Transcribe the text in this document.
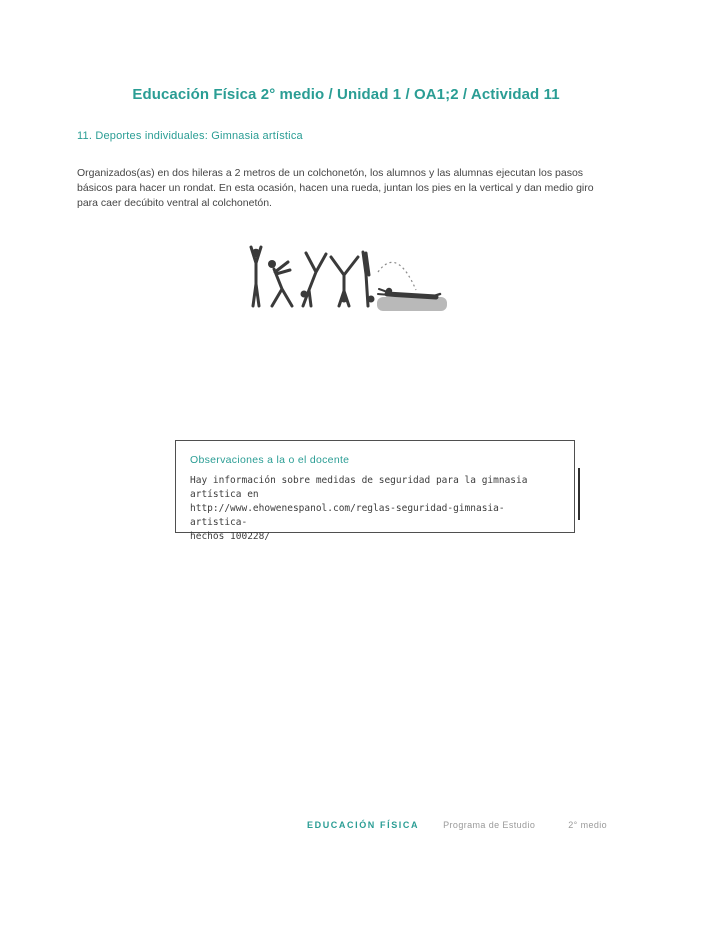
Educación Física 2° medio / Unidad 1 / OA1;2 / Actividad 11
11. Deportes individuales: Gimnasia artística
Organizados(as) en dos hileras a 2 metros de un colchonetón, los alumnos y las alumnas ejecutan los pasos básicos para hacer un rondat. En esta ocasión, hacen una rueda, juntan los pies en la vertical y dan medio giro para caer decúbito ventral al colchonetón.
Observaciones a la o el docente
Hay información sobre medidas de seguridad para la gimnasia artística en
http://www.ehowenespanol.com/reglas-seguridad-gimnasia-artistica-
hechos 100228/
EDUCACIÓN FÍSICA	Programa de Estudio	2° medio
